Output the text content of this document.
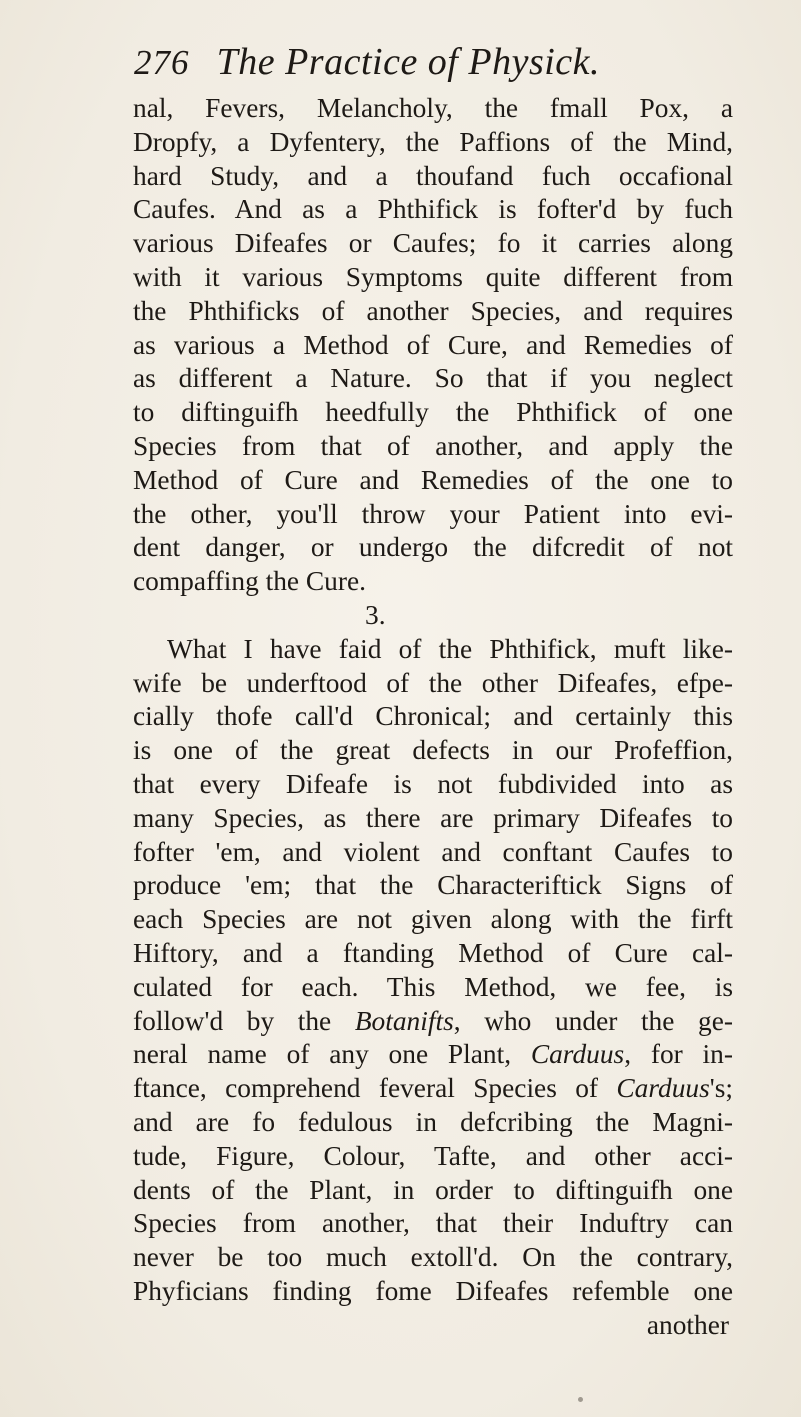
276 The Practice of Physick.
nal, Fevers, Melancholy, the fmall Pox, a
Dropfy, a Dyfentery, the Paffions of the Mind,
hard Study, and a thoufand fuch occafional
Caufes. And as a Phthifick is fofter'd by fuch
various Difeafes or Caufes; fo it carries along
with it various Symptoms quite different from
the Phthificks of another Species, and requires
as various a Method of Cure, and Remedies of
as different a Nature. So that if you neglect
to diftinguifh heedfully the Phthifick of one
Species from that of another, and apply the
Method of Cure and Remedies of the one to
the other, you'll throw your Patient into evi-
dent danger, or undergo the difcredit of not
compaffing the Cure.
3.
What I have faid of the Phthifick, muft like-
wife be underftood of the other Difeafes, efpe-
cially thofe call'd Chronical; and certainly this
is one of the great defects in our Profeffion,
that every Difeafe is not fubdivided into as
many Species, as there are primary Difeafes to
fofter 'em, and violent and conftant Caufes to
produce 'em; that the Characteriftick Signs of
each Species are not given along with the firft
Hiftory, and a ftanding Method of Cure cal-
culated for each. This Method, we fee, is
follow'd by the Botanifts, who under the ge-
neral name of any one Plant, Carduus, for in-
ftance, comprehend feveral Species of Carduus's;
and are fo fedulous in defcribing the Magni-
tude, Figure, Colour, Tafte, and other acci-
dents of the Plant, in order to diftinguifh one
Species from another, that their Induftry can
never be too much extoll'd. On the contrary,
Phyficians finding fome Difeafes refemble one
another
